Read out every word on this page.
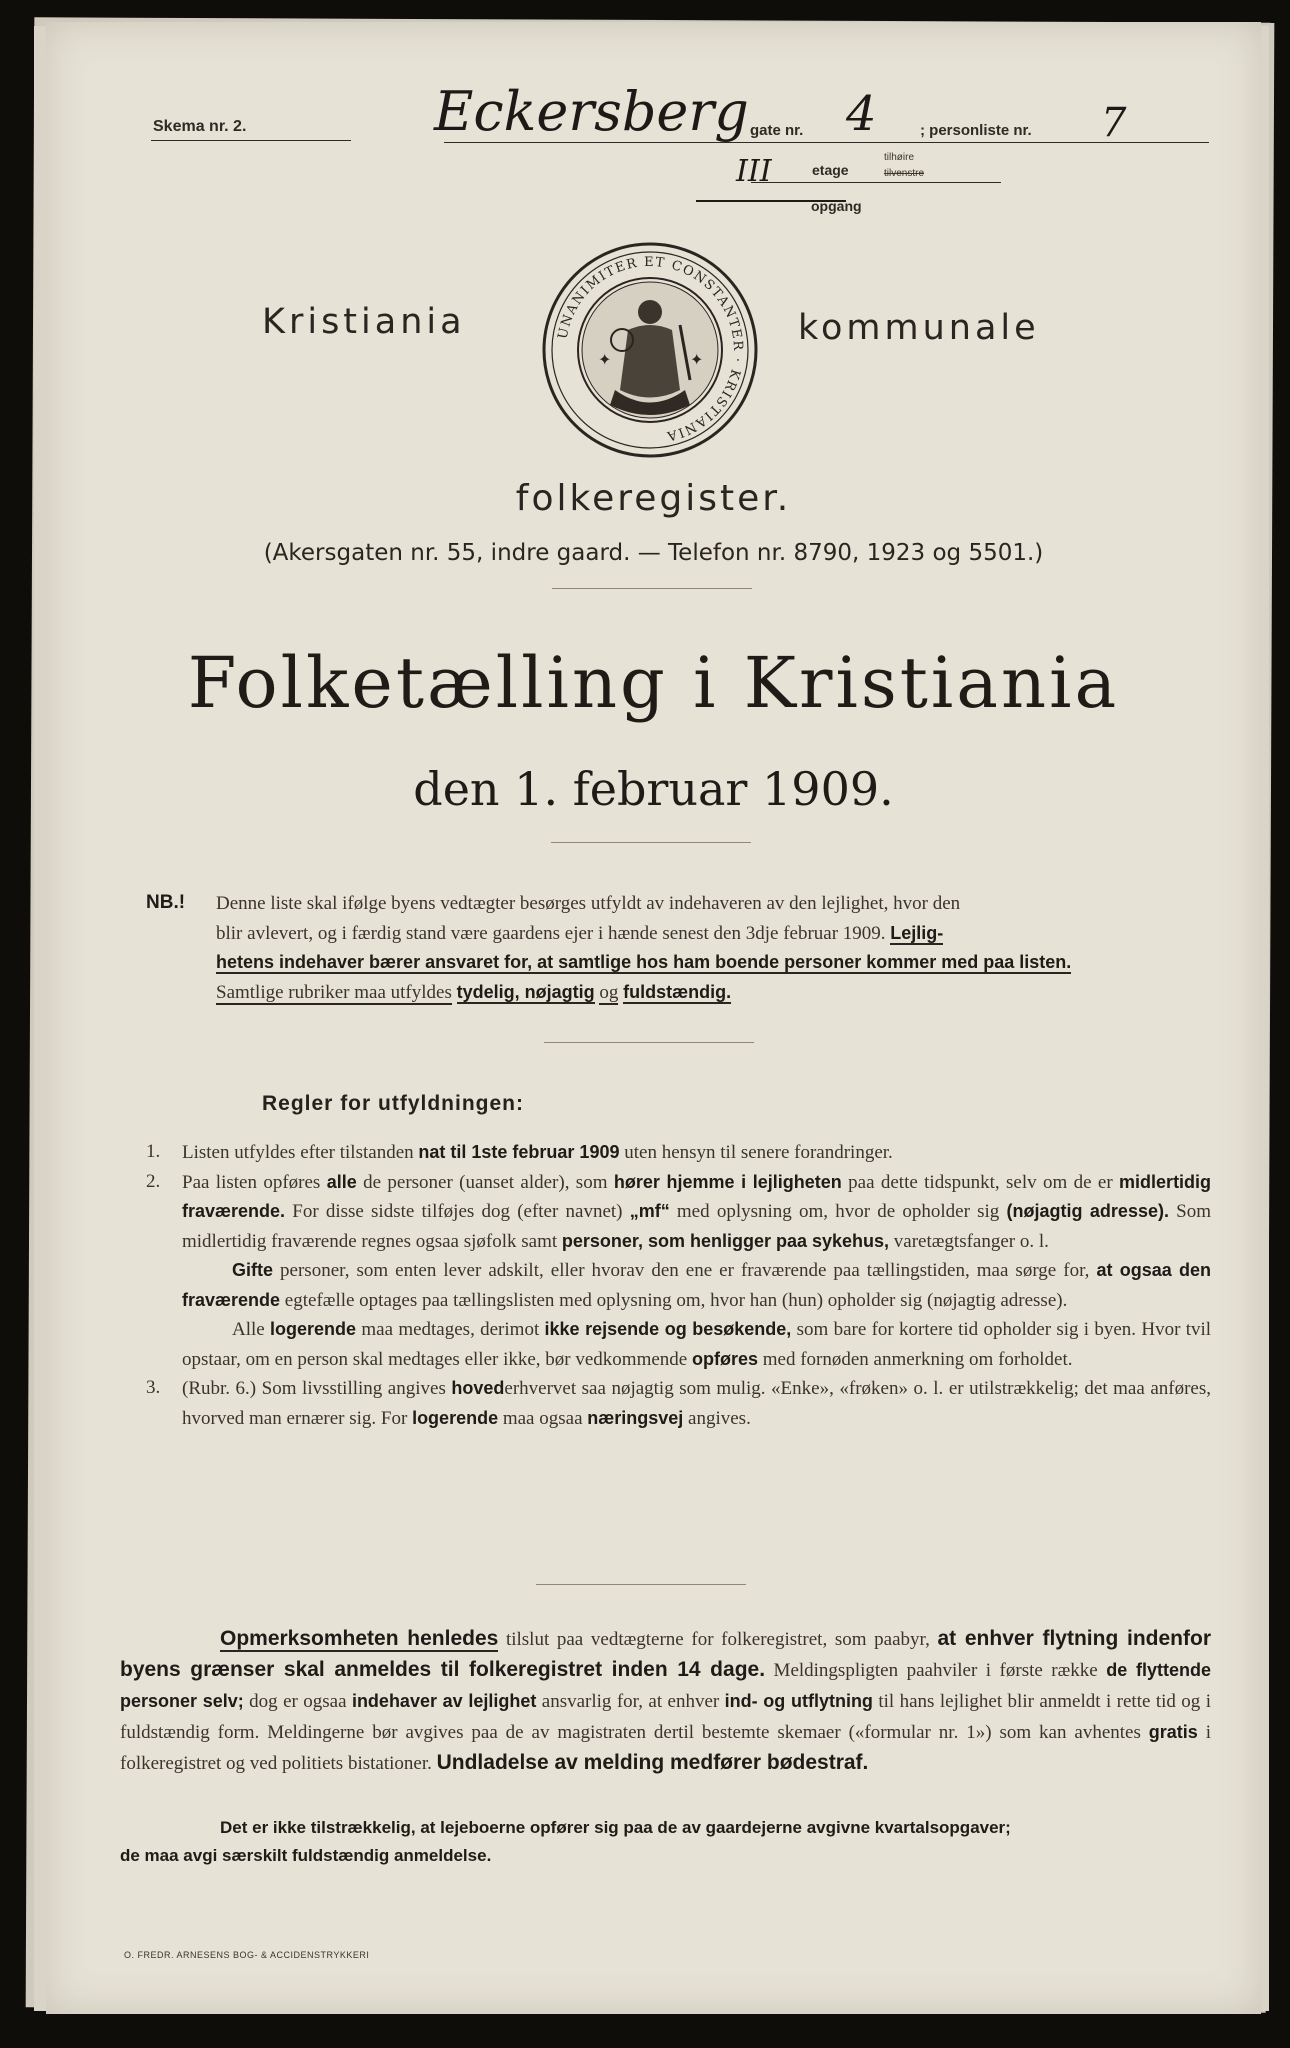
Skema nr. 2.	Eckersberg gate nr. 4	; personliste nr. 7
III	etage
tilhøire
tilvenstre
opgang
Kristiania	UNANIMITER ET CONSTANTER · KRISTIANIA
✦	✦
kommunale
folkeregister.
(Akersgaten nr. 55, indre gaard. — Telefon nr. 8790, 1923 og 5501.)
Folketælling i Kristiania
den 1. februar 1909.
NB.! Denne liste skal ifølge byens vedtægter besørges utfyldt av indehaveren av den lejlighet, hvor den
blir avlevert, og i færdig stand være gaardens ejer i hænde senest den 3dje februar 1909. Lejlig-
hetens indehaver bærer ansvaret for, at samtlige hos ham boende personer kommer med paa listen.
Samtlige rubriker maa utfyldes tydelig, nøjagtig og fuldstændig.
Regler for utfyldningen:
1. Listen utfyldes efter tilstanden nat til 1ste februar 1909 uten hensyn til senere forandringer.
2. Paa listen opføres alle de personer (uanset alder), som hører hjemme i lejligheten paa dette tidspunkt, selv om de er midlertidig fraværende. For disse sidste tilføjes dog (efter navnet) „mf“ med oplysning om, hvor de opholder sig (nøjagtig adresse). Som midlertidig fraværende regnes ogsaa sjøfolk samt personer, som henligger paa sykehus, varetægtsfanger o. l.
Gifte personer, som enten lever adskilt, eller hvorav den ene er fraværende paa tællingstiden, maa sørge for, at ogsaa den fraværende egtefælle optages paa tællingslisten med oplysning om, hvor han (hun) opholder sig (nøjagtig adresse).
Alle logerende maa medtages, derimot ikke rejsende og besøkende, som bare for kortere tid opholder sig i byen. Hvor tvil opstaar, om en person skal medtages eller ikke, bør vedkommende opføres med fornøden anmerkning om forholdet.
3. (Rubr. 6.) Som livsstilling angives hovederhvervet saa nøjagtig som mulig. «Enke», «frøken» o. l. er utilstrækkelig; det maa anføres, hvorved man ernærer sig. For logerende maa ogsaa næringsvej angives.
Opmerksomheten henledes tilslut paa vedtægterne for folkeregistret, som paabyr, at enhver flytning indenfor byens grænser skal anmeldes til folkeregistret inden 14 dage. Meldingspligten paahviler i første række de flyttende personer selv; dog er ogsaa indehaver av lejlighet ansvarlig for, at enhver ind- og utflytning til hans lejlighet blir anmeldt i rette tid og i fuldstændig form. Meldingerne bør avgives paa de av magistraten dertil bestemte skemaer («formular nr. 1») som kan avhentes gratis i folkeregistret og ved politiets bistationer. Undladelse av melding medfører bødestraf.
Det er ikke tilstrækkelig, at lejeboerne opfører sig paa de av gaardejerne avgivne kvartalsopgaver;
de maa avgi særskilt fuldstændig anmeldelse.
O. FREDR. ARNESENS BOG- & ACCIDENSTRYKKERI
